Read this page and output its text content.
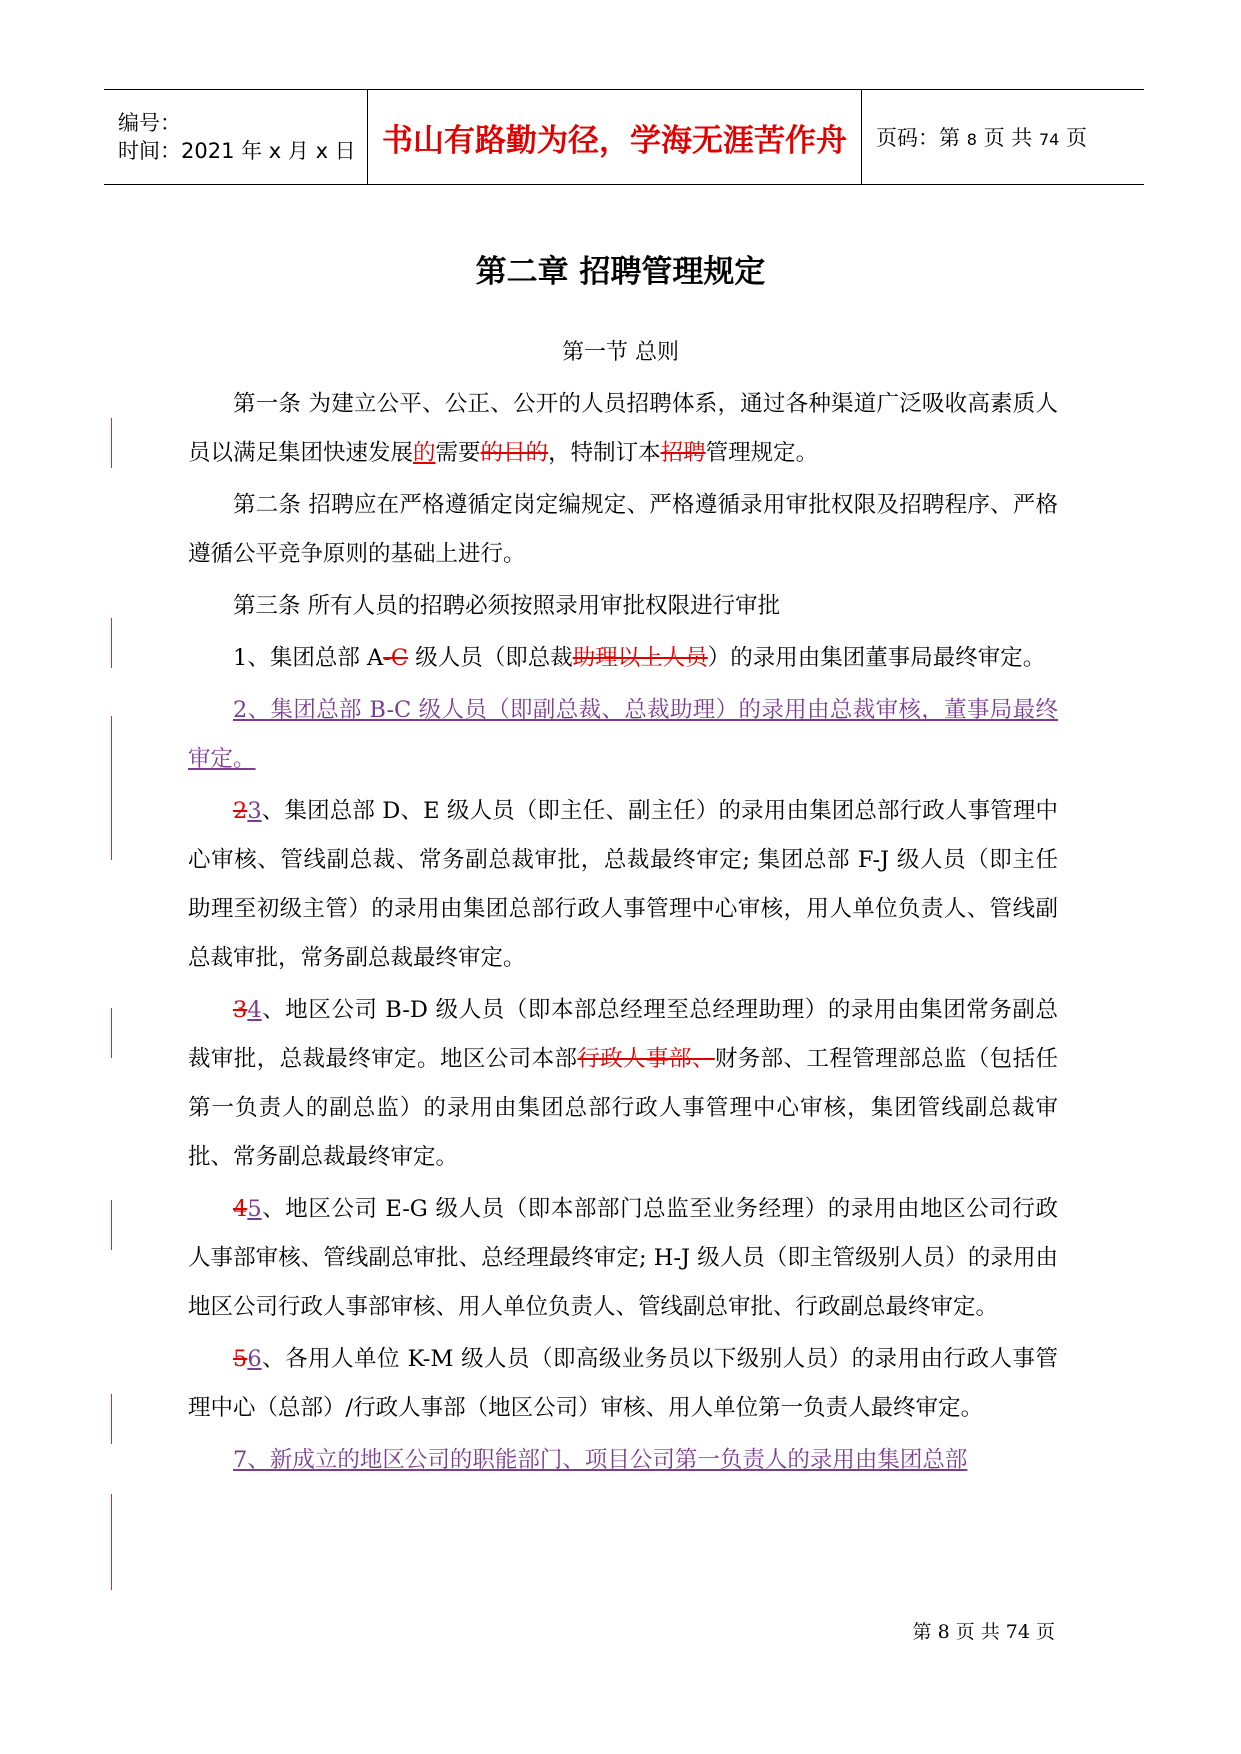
编号：
时间：2021 年 x 月 x 日 书山有路勤为径，学海无涯苦作舟 页码：第 8 页 共 74 页
第二章 招聘管理规定
第一节 总则

第一条 为建立公平、公正、公开的人员招聘体系，通过各种渠道广泛吸收高素质人员以满足集团快速发展的需要的目的，特制订本招聘管理规定。

第二条 招聘应在严格遵循定岗定编规定、严格遵循录用审批权限及招聘程序、严格遵循公平竞争原则的基础上进行。

第三条 所有人员的招聘必须按照录用审批权限进行审批

1、集团总部 A-C 级人员（即总裁助理以上人员）的录用由集团董事局最终审定。

2、集团总部 B-C 级人员（即副总裁、总裁助理）的录用由总裁审核，董事局最终审定。

23、集团总部 D、E 级人员（即主任、副主任）的录用由集团总部行政人事管理中心审核、管线副总裁、常务副总裁审批，总裁最终审定; 集团总部 F-J 级人员（即主任助理至初级主管）的录用由集团总部行政人事管理中心审核，用人单位负责人、管线副总裁审批，常务副总裁最终审定。

34、地区公司 B-D 级人员（即本部总经理至总经理助理）的录用由集团常务副总裁审批，总裁最终审定。地区公司本部行政人事部、财务部、工程管理部总监（包括任第一负责人的副总监）的录用由集团总部行政人事管理中心审核，集团管线副总裁审批、常务副总裁最终审定。

45、地区公司 E-G 级人员（即本部部门总监至业务经理）的录用由地区公司行政人事部审核、管线副总审批、总经理最终审定; H-J 级人员（即主管级别人员）的录用由地区公司行政人事部审核、用人单位负责人、管线副总审批、行政副总最终审定。

56、各用人单位 K-M 级人员（即高级业务员以下级别人员）的录用由行政人事管理中心（总部）/行政人事部（地区公司）审核、用人单位第一负责人最终审定。

7、新成立的地区公司的职能部门、项目公司第一负责人的录用由集团总部

第 8 页 共 74 页
